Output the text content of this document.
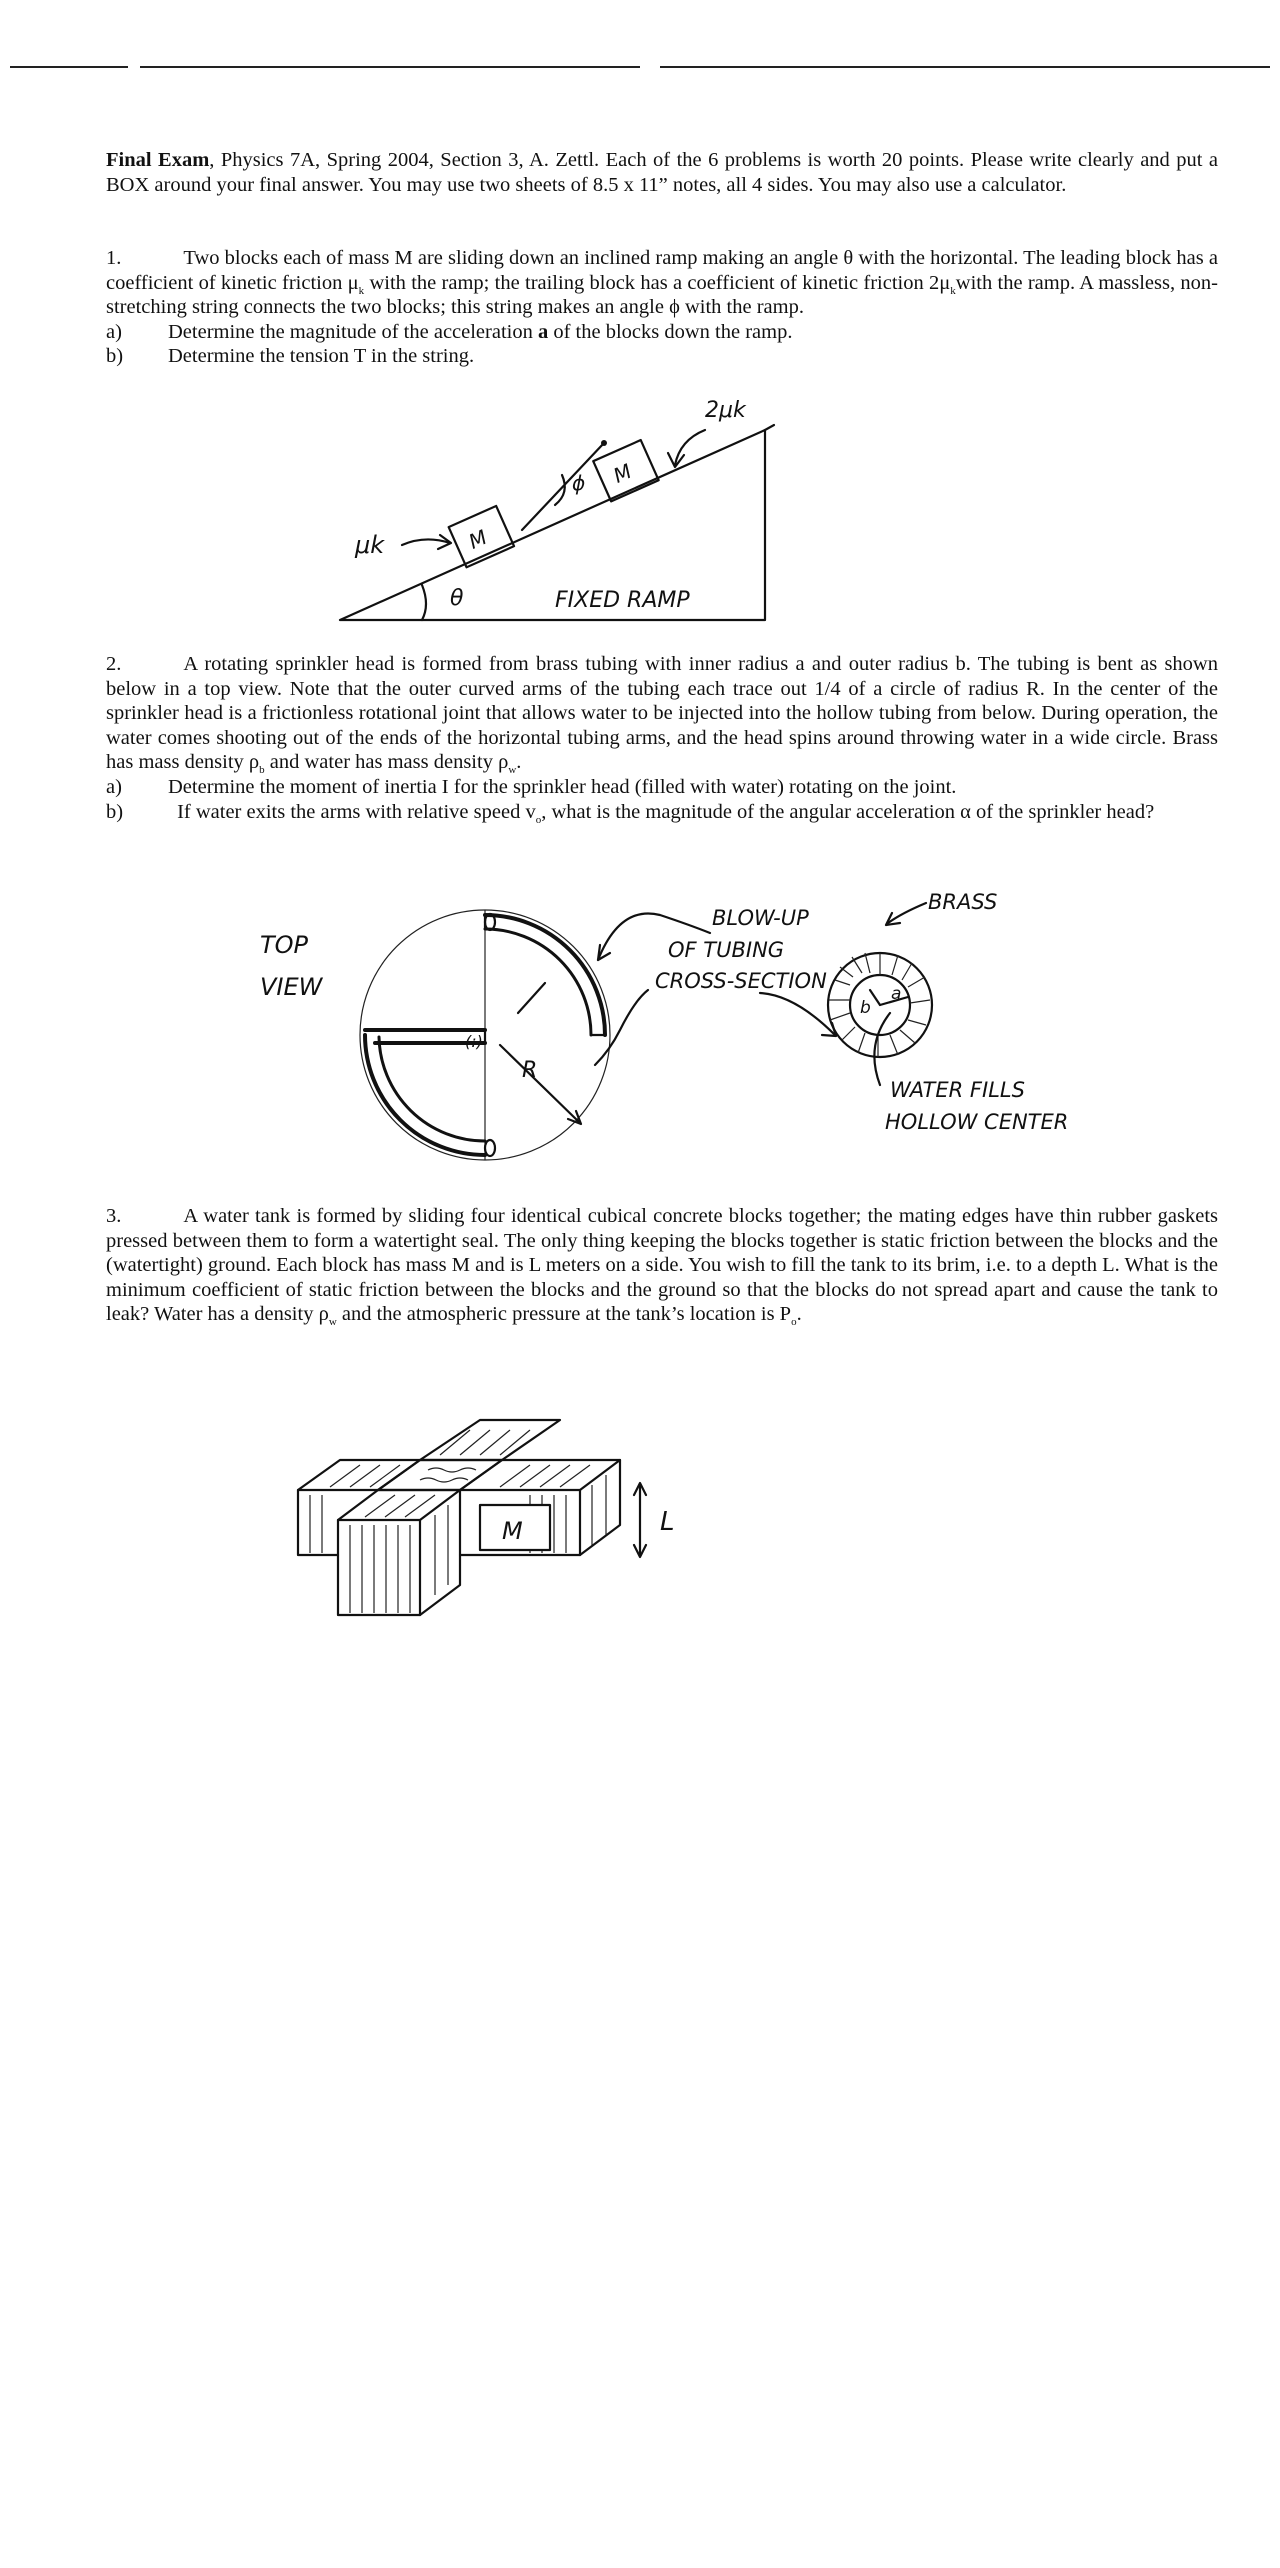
Final Exam, Physics 7A, Spring 2004, Section 3, A. Zettl. Each of the 6 problems is worth 20 points. Please write clearly and put a BOX around your final answer. You may use two sheets of 8.5 x 11” notes, all 4 sides. You may also use a calculator.

1.	Two blocks each of mass M are sliding down an inclined ramp making an angle θ with the horizontal. The leading block has a coefficient of kinetic friction $\mu_k$ with the ramp; the trailing block has a coefficient of kinetic friction $2\mu_kwith$ the ramp. A massless, non-stretching string connects the two blocks; this string makes an angle ϕ with the ramp.

a)	Determine the magnitude of the acceleration a of the blocks down the ramp.
b)	Determine the tension T in the string.
θ
M
M
ϕ
μk
2μk
FIXED RAMP

2.	A rotating sprinkler head is formed from brass tubing with inner radius a and outer radius b. The tubing is bent as shown below in a top view. Note that the outer curved arms of the tubing each trace out 1/4 of a circle of radius R. In the center of the sprinkler head is a frictionless rotational joint that allows water to be injected into the hollow tubing from below. During operation, the water comes shooting out of the ends of the horizontal tubing arms, and the head spins around throwing water in a wide circle. Brass has mass density $\rho_b$ and water has mass density $\rho_w$.

a)	Determine the moment of inertia I for the sprinkler head (filled with water) rotating on the joint.

b)	If water exits the arms with relative speed $v_o$, what is the magnitude of the angular acceleration α of the sprinkler head?

TOP
VIEW
(:)
R
BLOW-UP
OF TUBING
CROSS-SECTION
b
a
BRASS
WATER FILLS
HOLLOW CENTER

3.	A water tank is formed by sliding four identical cubical concrete blocks together; the mating edges have thin rubber gaskets pressed between them to form a watertight seal. The only thing keeping the blocks together is static friction between the blocks and the (watertight) ground. Each block has mass M and is L meters on a side. You wish to fill the tank to its brim, i.e. to a depth L. What is the minimum coefficient of static friction between the blocks and the ground so that the blocks do not spread apart and cause the tank to leak? Water has a density $\rho_w$ and the atmospheric pressure at the tank’s location is $P_o$.

M	L
